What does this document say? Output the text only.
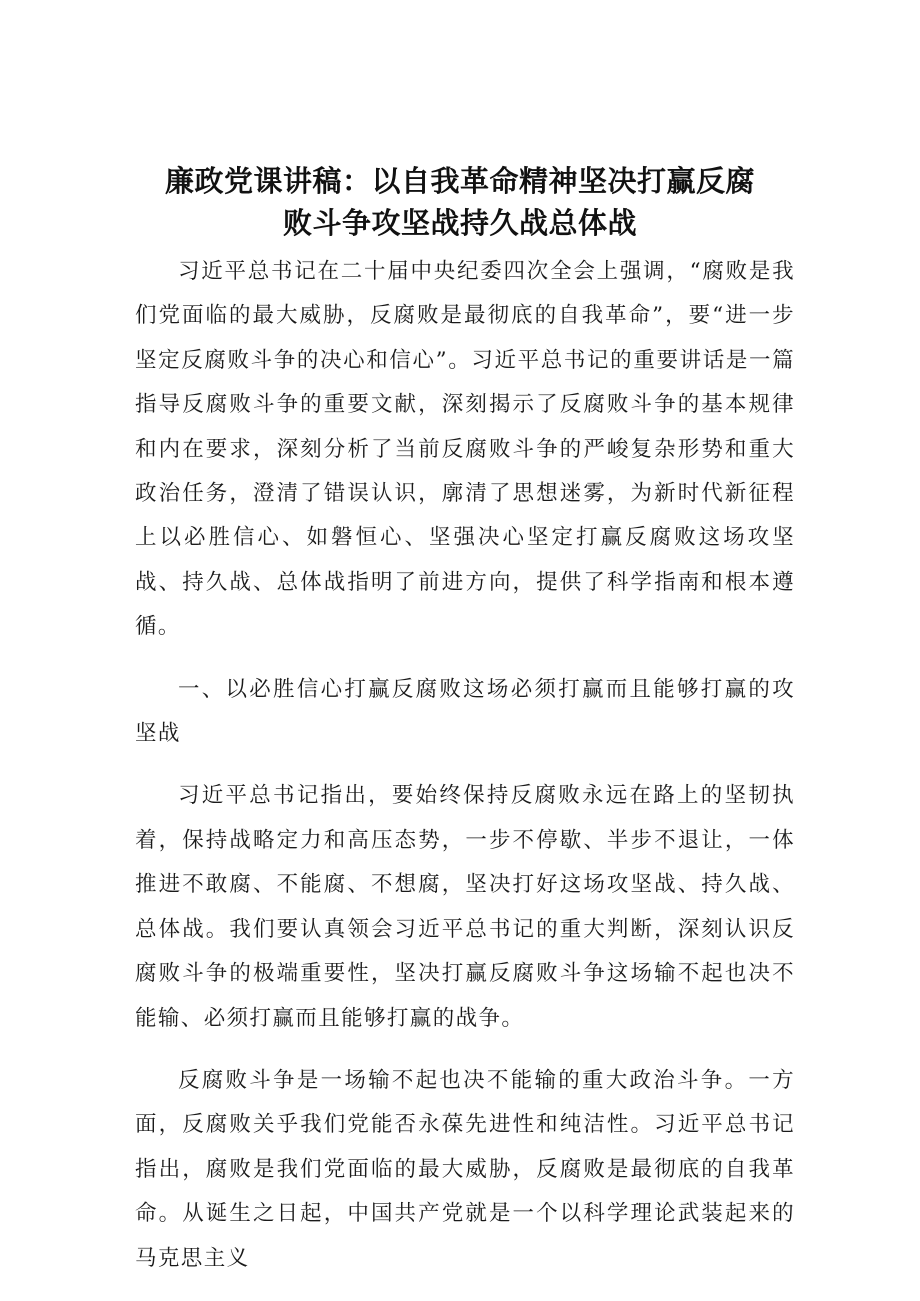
廉政党课讲稿：以自我革命精神坚决打赢反腐
败斗争攻坚战持久战总体战

习近平总书记在二十届中央纪委四次全会上强调，“腐败是我们党面临的最大威胁，反腐败是最彻底的自我革命”，要“进一步坚定反腐败斗争的决心和信心”。习近平总书记的重要讲话是一篇指导反腐败斗争的重要文献，深刻揭示了反腐败斗争的基本规律和内在要求，深刻分析了当前反腐败斗争的严峻复杂形势和重大政治任务，澄清了错误认识，廓清了思想迷雾，为新时代新征程上以必胜信心、如磐恒心、坚强决心坚定打赢反腐败这场攻坚战、持久战、总体战指明了前进方向，提供了科学指南和根本遵循。

一、以必胜信心打赢反腐败这场必须打赢而且能够打赢的攻坚战

习近平总书记指出，要始终保持反腐败永远在路上的坚韧执着，保持战略定力和高压态势，一步不停歇、半步不退让，一体推进不敢腐、不能腐、不想腐，坚决打好这场攻坚战、持久战、总体战。我们要认真领会习近平总书记的重大判断，深刻认识反腐败斗争的极端重要性，坚决打赢反腐败斗争这场输不起也决不能输、必须打赢而且能够打赢的战争。

反腐败斗争是一场输不起也决不能输的重大政治斗争。一方面，反腐败关乎我们党能否永葆先进性和纯洁性。习近平总书记指出，腐败是我们党面临的最大威胁，反腐败是最彻底的自我革命。从诞生之日起，中国共产党就是一个以科学理论武装起来的马克思主义
